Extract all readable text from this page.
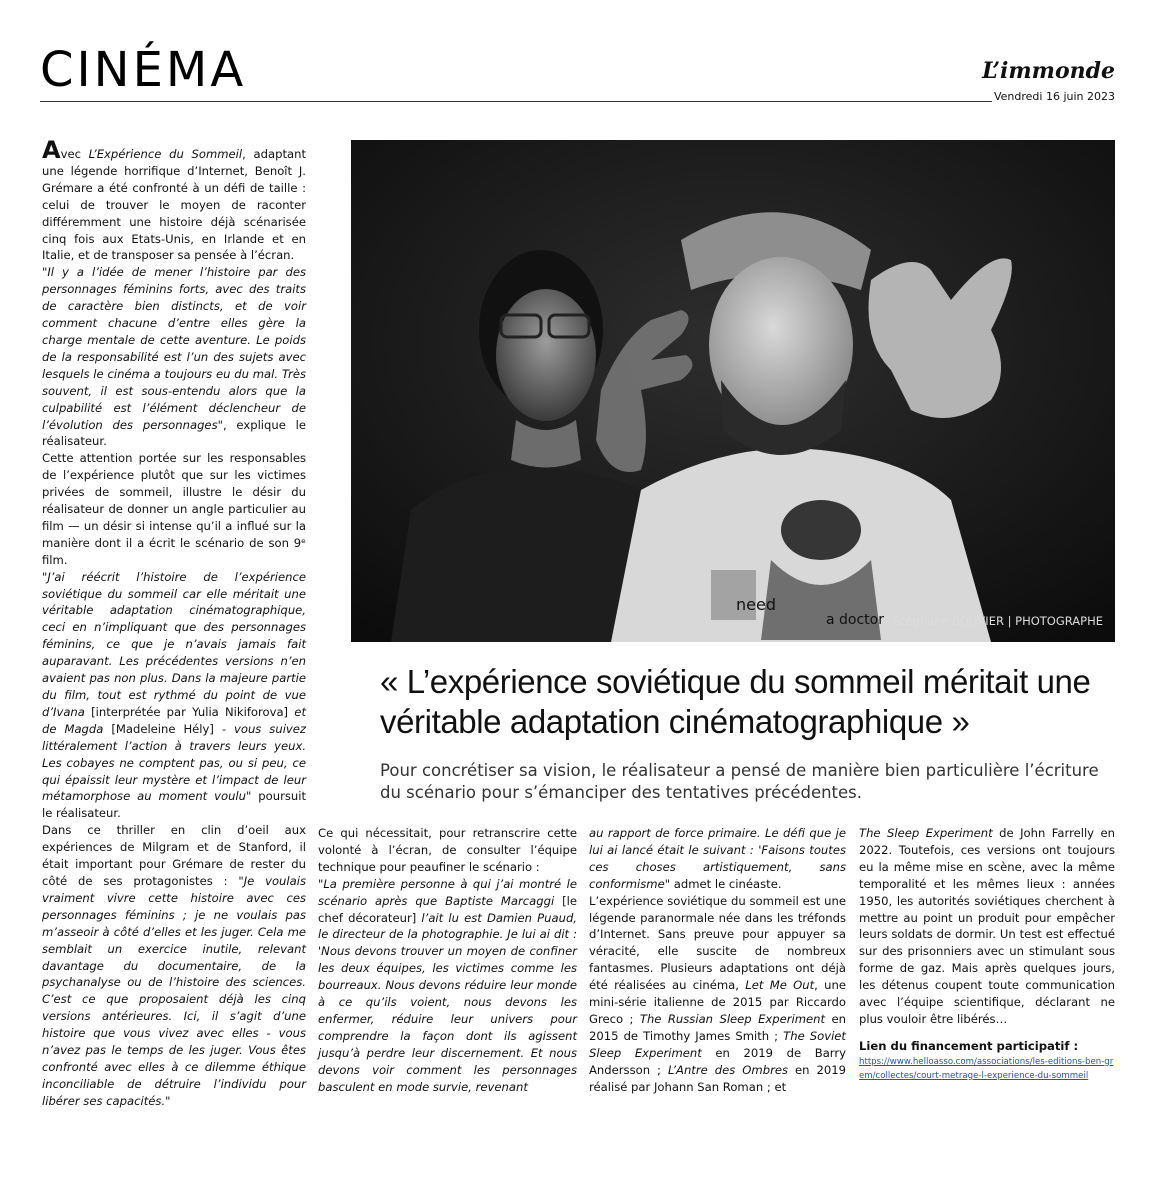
CINÉMA	L’immonde
Vendredi 16 juin 2023

Avec L’Expérience du Sommeil, adaptant une légende horrifique d’Internet, Benoît J. Grémare a été confronté à un défi de taille : celui de trouver le moyen de raconter différemment une histoire déjà scénarisée cinq fois aux Etats-Unis, en Irlande et en Italie, et de transposer sa pensée à l’écran.

"Il y a l’idée de mener l’histoire par des personnages féminins forts, avec des traits de caractère bien distincts, et de voir comment chacune d’entre elles gère la charge mentale de cette aventure. Le poids de la responsabilité est l’un des sujets avec lesquels le cinéma a toujours eu du mal. Très souvent, il est sous-entendu alors que la culpabilité est l’élément déclencheur de l’évolution des personnages", explique le réalisateur.

Cette attention portée sur les responsables de l’expérience plutôt que sur les victimes privées de sommeil, illustre le désir du réalisateur de donner un angle particulier au film — un désir si intense qu’il a influé sur la manière dont il a écrit le scénario de son 9ᵉ film.

"J’ai réécrit l’histoire de l’expérience soviétique du sommeil car elle méritait une véritable adaptation cinématographique, ceci en n’impliquant que des personnages féminins, ce que je n’avais jamais fait auparavant. Les précédentes versions n’en avaient pas non plus. Dans la majeure partie du film, tout est rythmé du point de vue d’Ivana [interprétée par Yulia Nikiforova] et de Magda [Madeleine Hély] - vous suivez littéralement l’action à travers leurs yeux. Les cobayes ne comptent pas, ou si peu, ce qui épaissit leur mystère et l’impact de leur métamorphose au moment voulu" poursuit le réalisateur.

Dans ce thriller en clin d’oeil aux expériences de Milgram et de Stanford, il était important pour Grémare de rester du côté de ses protagonistes : "Je voulais vraiment vivre cette histoire avec ces personnages féminins ; je ne voulais pas m’asseoir à côté d’elles et les juger. Cela me semblait un exercice inutile, relevant davantage du documentaire, de la psychanalyse ou de l’histoire des sciences. C’est ce que proposaient déjà les cinq versions antérieures. Ici, il s’agit d’une histoire que vous vivez avec elles - vous n’avez pas le temps de les juger. Vous êtes confronté avec elles à ce dilemme éthique inconciliable de détruire l’individu pour libérer ses capacités."

need
a doctor Stéphane BOUVIER | PHOTOGRAPHE
« L’expérience soviétique du sommeil méritait une véritable adaptation cinématographique »

Pour concrétiser sa vision, le réalisateur a pensé de manière bien particulière l’écriture du scénario pour s’émanciper des tentatives précédentes.

Ce qui nécessitait, pour retranscrire cette volonté à l’écran, de consulter l’équipe technique pour peaufiner le scénario :

"La première personne à qui j’ai montré le scénario après que Baptiste Marcaggi [le chef décorateur] l’ait lu est Damien Puaud, le directeur de la photographie. Je lui ai dit : 'Nous devons trouver un moyen de confiner les deux équipes, les victimes comme les bourreaux. Nous devons réduire leur monde à ce qu’ils voient, nous devons les enfermer, réduire leur univers pour comprendre la façon dont ils agissent jusqu’à perdre leur discernement. Et nous devons voir comment les personnages basculent en mode survie, revenant

au rapport de force primaire. Le défi que je lui ai lancé était le suivant : 'Faisons toutes ces choses artistiquement, sans conformisme" admet le cinéaste.

L’expérience soviétique du sommeil est une légende paranormale née dans les tréfonds d’Internet. Sans preuve pour appuyer sa véracité, elle suscite de nombreux fantasmes. Plusieurs adaptations ont déjà été réalisées au cinéma, Let Me Out, une mini-série italienne de 2015 par Riccardo Greco ; The Russian Sleep Experiment en 2015 de Timothy James Smith ; The Soviet Sleep Experiment en 2019 de Barry Andersson ; L’Antre des Ombres en 2019 réalisé par Johann San Roman ; et

The Sleep Experiment de John Farrelly en 2022. Toutefois, ces versions ont toujours eu la même mise en scène, avec la même temporalité et les mêmes lieux : années 1950, les autorités soviétiques cherchent à mettre au point un produit pour empêcher leurs soldats de dormir. Un test est effectué sur des prisonniers avec un stimulant sous forme de gaz. Mais après quelques jours, les détenus coupent toute communication avec l’équipe scientifique, déclarant ne plus vouloir être libérés…

Lien du financement participatif :

https://www.helloasso.com/associations/les-editions-ben-grem/collectes/court-metrage-l-experience-du-sommeil
